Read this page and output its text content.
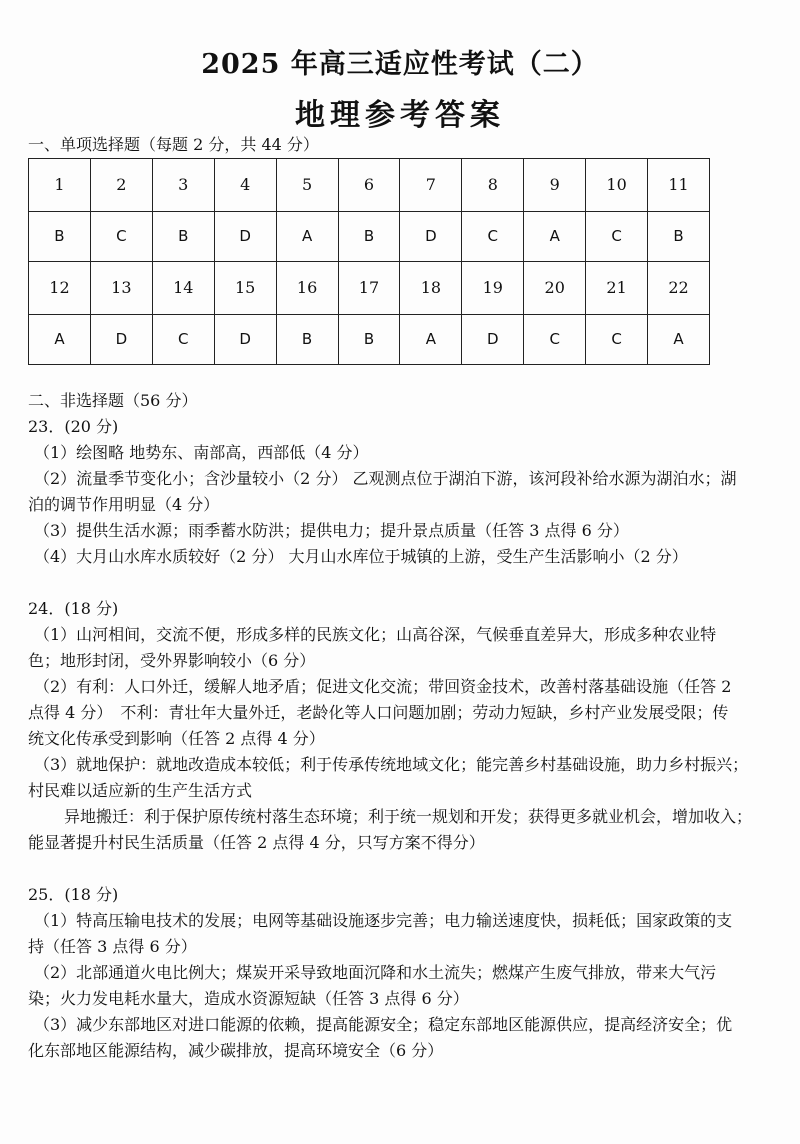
2025 年高三适应性考试（二）
地理参考答案
一、单项选择题（每题 2 分，共 44 分）
1	2	3	4	5	6	7	8	9	10	11
B	C	B	D	A	B	D	C	A	C	B
12	13	14	15	16	17	18	19	20	21	22
A	D	C	D	B	B	A	D	C	C	A

二、非选择题（56 分）

23．(20 分)

（1）绘图略 地势东、南部高，西部低（4 分）

（2）流量季节变化小；含沙量较小（2 分） 乙观测点位于湖泊下游，该河段补给水源为湖泊水；湖

泊的调节作用明显（4 分）

（3）提供生活水源；雨季蓄水防洪；提供电力；提升景点质量（任答 3 点得 6 分）

（4）大月山水库水质较好（2 分） 大月山水库位于城镇的上游，受生产生活影响小（2 分）

24．(18 分)

（1）山河相间，交流不便，形成多样的民族文化；山高谷深，气候垂直差异大，形成多种农业特

色；地形封闭，受外界影响较小（6 分）

（2）有利：人口外迁，缓解人地矛盾；促进文化交流；带回资金技术，改善村落基础设施（任答 2

点得 4 分）　不利：青壮年大量外迁，老龄化等人口问题加剧；劳动力短缺，乡村产业发展受限；传

统文化传承受到影响（任答 2 点得 4 分）

（3）就地保护：就地改造成本较低；利于传承传统地域文化；能完善乡村基础设施，助力乡村振兴；

村民难以适应新的生产生活方式

异地搬迁：利于保护原传统村落生态环境；利于统一规划和开发；获得更多就业机会，增加收入；

能显著提升村民生活质量（任答 2 点得 4 分，只写方案不得分）

25．(18 分)

（1）特高压输电技术的发展；电网等基础设施逐步完善；电力输送速度快，损耗低；国家政策的支

持（任答 3 点得 6 分）

（2）北部通道火电比例大；煤炭开采导致地面沉降和水土流失；燃煤产生废气排放，带来大气污

染；火力发电耗水量大，造成水资源短缺（任答 3 点得 6 分）

（3）减少东部地区对进口能源的依赖，提高能源安全；稳定东部地区能源供应，提高经济安全；优

化东部地区能源结构，减少碳排放，提高环境安全（6 分）
